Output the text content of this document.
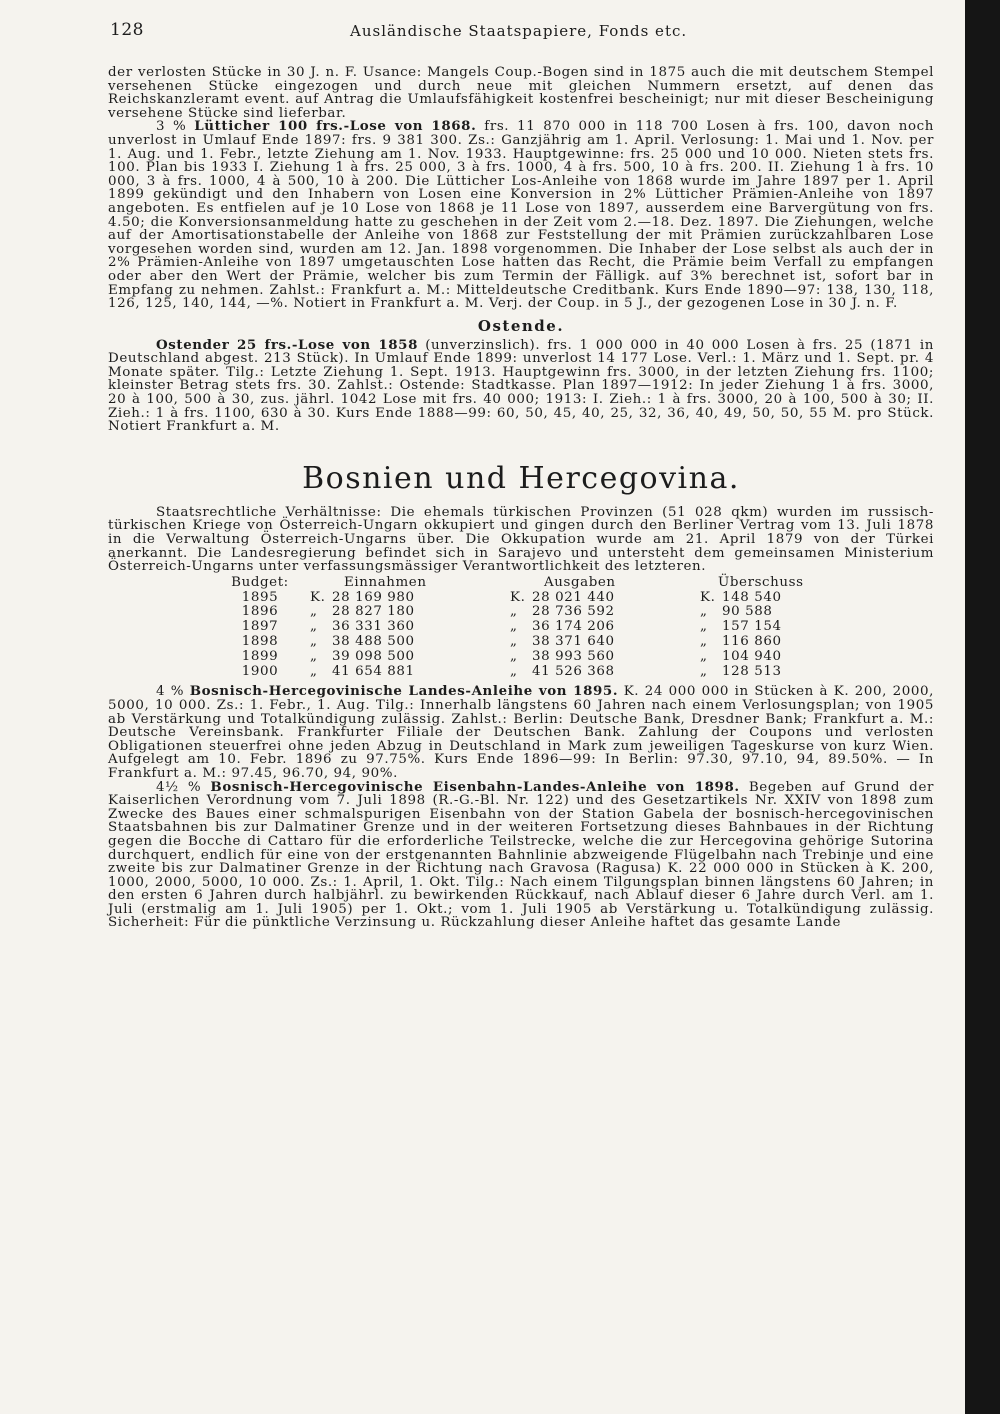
128	Ausländische Staatspapiere, Fonds etc.

der verlosten Stücke in 30 J. n. F. Usance: Mangels Coup.-Bogen sind in 1875 auch die mit deutschem Stempel versehenen Stücke eingezogen und durch neue mit gleichen Nummern ersetzt, auf denen das Reichskanzleramt event. auf Antrag die Umlaufsfähigkeit kostenfrei bescheinigt; nur mit dieser Bescheinigung versehene Stücke sind lieferbar.

3 % Lütticher 100 frs.-Lose von 1868. frs. 11 870 000 in 118 700 Losen à frs. 100, davon noch unverlost in Umlauf Ende 1897: frs. 9 381 300. Zs.: Ganzjährig am 1. April. Verlosung: 1. Mai und 1. Nov. per 1. Aug. und 1. Febr., letzte Ziehung am 1. Nov. 1933. Hauptgewinne: frs. 25 000 und 10 000. Nieten stets frs. 100. Plan bis 1933 I. Ziehung 1 à frs. 25 000, 3 à frs. 1000, 4 à frs. 500, 10 à frs. 200. II. Ziehung 1 à frs. 10 000, 3 à frs. 1000, 4 à 500, 10 à 200. Die Lütticher Los-Anleihe von 1868 wurde im Jahre 1897 per 1. April 1899 gekündigt und den Inhabern von Losen eine Konversion in 2% Lütticher Prämien-Anleihe von 1897 angeboten. Es entfielen auf je 10 Lose von 1868 je 11 Lose von 1897, ausserdem eine Barvergütung von frs. 4.50; die Konversionsanmeldung hatte zu geschehen in der Zeit vom 2.—18. Dez. 1897. Die Ziehungen, welche auf der Amortisationstabelle der Anleihe von 1868 zur Feststellung der mit Prämien zurückzahlbaren Lose vorgesehen worden sind, wurden am 12. Jan. 1898 vorgenommen. Die Inhaber der Lose selbst als auch der in 2% Prämien-Anleihe von 1897 umgetauschten Lose hatten das Recht, die Prämie beim Verfall zu empfangen oder aber den Wert der Prämie, welcher bis zum Termin der Fälligk. auf 3% berechnet ist, sofort bar in Empfang zu nehmen. Zahlst.: Frankfurt a. M.: Mitteldeutsche Creditbank. Kurs Ende 1890—97: 138, 130, 118, 126, 125, 140, 144, —%. Notiert in Frankfurt a. M. Verj. der Coup. in 5 J., der gezogenen Lose in 30 J. n. F.

Ostende.

Ostender 25 frs.-Lose von 1858 (unverzinslich). frs. 1 000 000 in 40 000 Losen à frs. 25 (1871 in Deutschland abgest. 213 Stück). In Umlauf Ende 1899: unverlost 14 177 Lose. Verl.: 1. März und 1. Sept. pr. 4 Monate später. Tilg.: Letzte Ziehung 1. Sept. 1913. Hauptgewinn frs. 3000, in der letzten Ziehung frs. 1100; kleinster Betrag stets frs. 30. Zahlst.: Ostende: Stadtkasse. Plan 1897—1912: In jeder Ziehung 1 à frs. 3000, 20 à 100, 500 à 30, zus. jährl. 1042 Lose mit frs. 40 000; 1913: I. Zieh.: 1 à frs. 3000, 20 à 100, 500 à 30; II. Zieh.: 1 à frs. 1100, 630 à 30. Kurs Ende 1888—99: 60, 50, 45, 40, 25, 32, 36, 40, 49, 50, 50, 55 M. pro Stück. Notiert Frankfurt a. M.

Bosnien und Hercegovina.

Staatsrechtliche Verhältnisse: Die ehemals türkischen Provinzen (51 028 qkm) wurden im russisch-türkischen Kriege von Österreich-Ungarn okkupiert und gingen durch den Berliner Vertrag vom 13. Juli 1878 in die Verwaltung Österreich-Ungarns über. Die Okkupation wurde am 21. April 1879 von der Türkei anerkannt. Die Landesregierung befindet sich in Sarajevo und untersteht dem gemeinsamen Ministerium Österreich-Ungarns unter verfassungsmässiger Verantwortlichkeit des letzteren.

Budget:	Einnahmen	Ausgaben	Überschuss
1895	K. 28 169 980	K. 28 021 440	K. 148 540
1896	„ 28 827 180	„ 28 736 592	„ 90 588
1897	„ 36 331 360	„ 36 174 206	„ 157 154
1898	„ 38 488 500	„ 38 371 640	„ 116 860
1899	„ 39 098 500	„ 38 993 560	„ 104 940
1900	„ 41 654 881	„ 41 526 368	„ 128 513

4 % Bosnisch-Hercegovinische Landes-Anleihe von 1895. K. 24 000 000 in Stücken à K. 200, 2000, 5000, 10 000. Zs.: 1. Febr., 1. Aug. Tilg.: Innerhalb längstens 60 Jahren nach einem Verlosungsplan; von 1905 ab Verstärkung und Totalkündigung zulässig. Zahlst.: Berlin: Deutsche Bank, Dresdner Bank; Frankfurt a. M.: Deutsche Vereinsbank. Frankfurter Filiale der Deutschen Bank. Zahlung der Coupons und verlosten Obligationen steuerfrei ohne jeden Abzug in Deutschland in Mark zum jeweiligen Tageskurse von kurz Wien. Aufgelegt am 10. Febr. 1896 zu 97.75%. Kurs Ende 1896—99: In Berlin: 97.30, 97.10, 94, 89.50%. — In Frankfurt a. M.: 97.45, 96.70, 94, 90%.

4½ % Bosnisch-Hercegovinische Eisenbahn-Landes-Anleihe von 1898. Begeben auf Grund der Kaiserlichen Verordnung vom 7. Juli 1898 (R.-G.-Bl. Nr. 122) und des Gesetzartikels Nr. XXIV von 1898 zum Zwecke des Baues einer schmalspurigen Eisenbahn von der Station Gabela der bosnisch-hercegovinischen Staatsbahnen bis zur Dalmatiner Grenze und in der weiteren Fortsetzung dieses Bahnbaues in der Richtung gegen die Bocche di Cattaro für die erforderliche Teilstrecke, welche die zur Hercegovina gehörige Sutorina durchquert, endlich für eine von der erstgenannten Bahnlinie abzweigende Flügelbahn nach Trebinje und eine zweite bis zur Dalmatiner Grenze in der Richtung nach Gravosa (Ragusa) K. 22 000 000 in Stücken à K. 200, 1000, 2000, 5000, 10 000. Zs.: 1. April, 1. Okt. Tilg.: Nach einem Tilgungsplan binnen längstens 60 Jahren; in den ersten 6 Jahren durch halbjährl. zu bewirkenden Rückkauf, nach Ablauf dieser 6 Jahre durch Verl. am 1. Juli (erstmalig am 1. Juli 1905) per 1. Okt.; vom 1. Juli 1905 ab Verstärkung u. Totalkündigung zulässig. Sicherheit: Für die pünktliche Verzinsung u. Rückzahlung dieser Anleihe haftet das gesamte Lande
